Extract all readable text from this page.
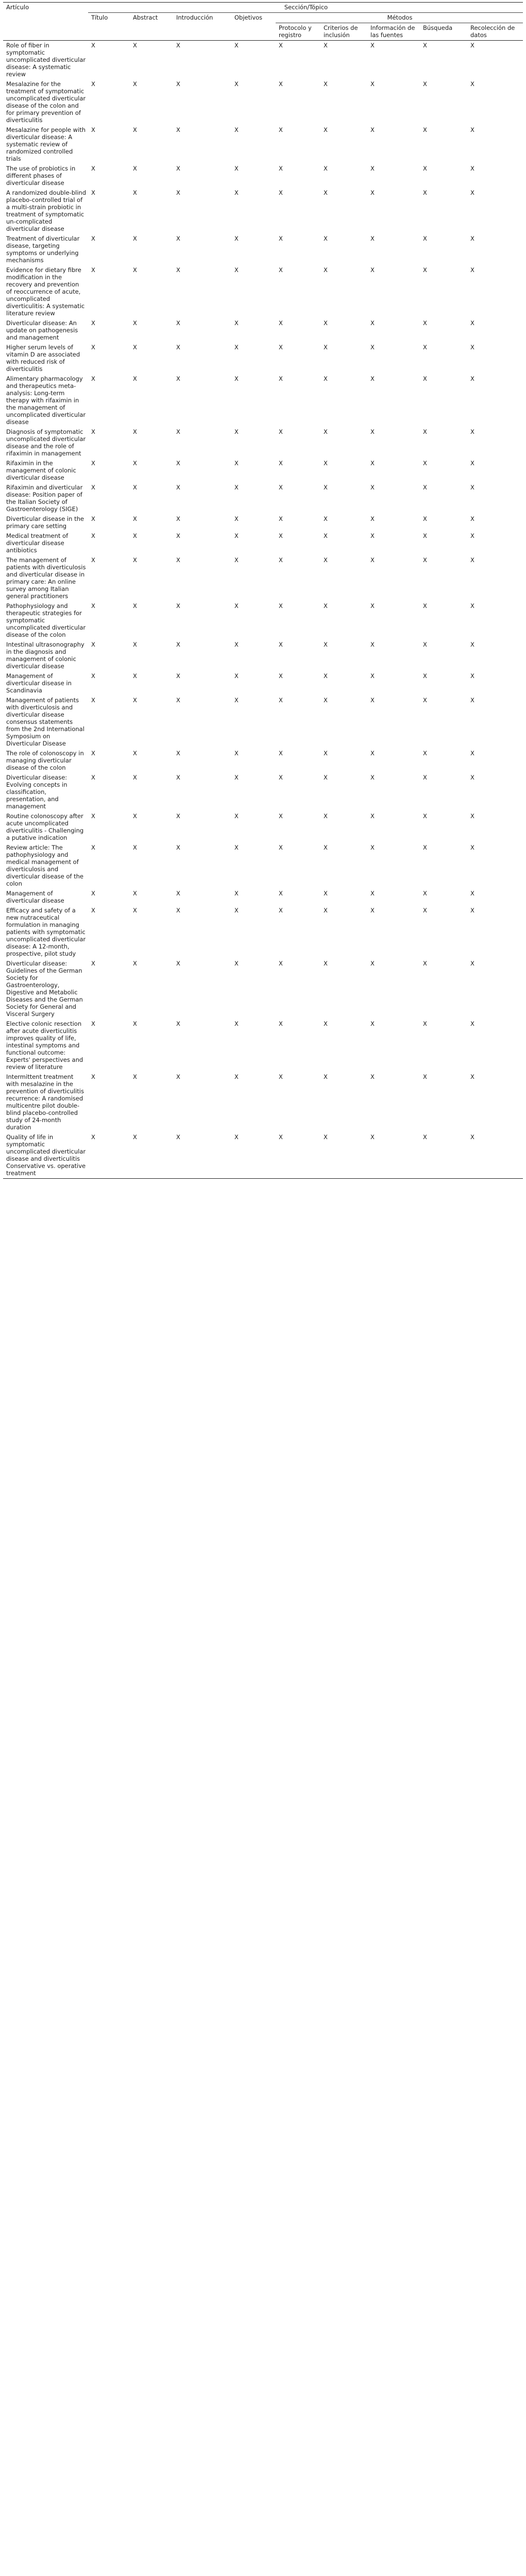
Artículo	Sección/Tópico								
	Título	Abstract	Introducción	Objetivos	Métodos				
					Protocolo y registro	Criterios de inclusión	Información de las fuentes	Búsqueda	Recolección de datos

Role of fiber in symptomatic uncomplicated diverticular disease: A systematic review	X	X	X	X	X	X	X	X	X
Mesalazine for the treatment of symptomatic uncomplicated diverticular disease of the colon and for primary prevention of diverticulitis	X	X	X	X	X	X	X	X	X
Mesalazine for people with diverticular disease: A systematic review of randomized controlled trials	X	X	X	X	X	X	X	X	X
The use of probiotics in different phases of diverticular disease	X	X	X	X	X	X	X	X	X
A randomized double-blind placebo-controlled trial of a multi-strain probiotic in treatment of symptomatic un-complicated diverticular disease	X	X	X	X	X	X	X	X	X
Treatment of diverticular disease, targeting symptoms or underlying mechanisms	X	X	X	X	X	X	X	X	X
Evidence for dietary fibre modification in the recovery and prevention of reoccurrence of acute, uncomplicated diverticulitis: A systematic literature review	X	X	X	X	X	X	X	X	X
Diverticular disease: An update on pathogenesis and management	X	X	X	X	X	X	X	X	X
Higher serum levels of vitamin D are associated with reduced risk of diverticulitis	X	X	X	X	X	X	X	X	X
Alimentary pharmacology and therapeutics meta-analysis: Long-term therapy with rifaximin in the management of uncomplicated diverticular disease	X	X	X	X	X	X	X	X	X
Diagnosis of symptomatic uncomplicated diverticular disease and the role of rifaximin in management	X	X	X	X	X	X	X	X	X
Rifaximin in the management of colonic diverticular disease	X	X	X	X	X	X	X	X	X
Rifaximin and diverticular disease: Position paper of the Italian Society of Gastroenterology (SIGE)	X	X	X	X	X	X	X	X	X
Diverticular disease in the primary care setting	X	X	X	X	X	X	X	X	X
Medical treatment of diverticular disease antibiotics	X	X	X	X	X	X	X	X	X
The management of patients with diverticulosis and diverticular disease in primary care: An online survey among Italian general practitioners	X	X	X	X	X	X	X	X	X
Pathophysiology and therapeutic strategies for symptomatic uncomplicated diverticular disease of the colon	X	X	X	X	X	X	X	X	X
Intestinal ultrasonography in the diagnosis and management of colonic diverticular disease	X	X	X	X	X	X	X	X	X
Management of diverticular disease in Scandinavia	X	X	X	X	X	X	X	X	X
Management of patients with diverticulosis and diverticular disease consensus statements from the 2nd International Symposium on Diverticular Disease	X	X	X	X	X	X	X	X	X
The role of colonoscopy in managing diverticular disease of the colon	X	X	X	X	X	X	X	X	X
Diverticular disease: Evolving concepts in classification, presentation, and management	X	X	X	X	X	X	X	X	X
Routine colonoscopy after acute uncomplicated diverticulitis - Challenging a putative indication	X	X	X	X	X	X	X	X	X
Review article: The pathophysiology and medical management of diverticulosis and diverticular disease of the colon	X	X	X	X	X	X	X	X	X
Management of diverticular disease	X	X	X	X	X	X	X	X	X
Efficacy and safety of a new nutraceutical formulation in managing patients with symptomatic uncomplicated diverticular disease: A 12-month, prospective, pilot study	X	X	X	X	X	X	X	X	X
Diverticular disease: Guidelines of the German Society for Gastroenterology, Digestive and Metabolic Diseases and the German Society for General and Visceral Surgery	X	X	X	X	X	X	X	X	X
Elective colonic resection after acute diverticulitis improves quality of life, intestinal symptoms and functional outcome: Experts' perspectives and review of literature	X	X	X	X	X	X	X	X	X
Intermittent treatment with mesalazine in the prevention of diverticulitis recurrence: A randomised multicentre pilot double-blind placebo-controlled study of 24-month duration	X	X	X	X	X	X	X	X	X
Quality of life in symptomatic uncomplicated diverticular disease and diverticulitis Conservative vs. operative treatment	X	X	X	X	X	X	X	X	X
